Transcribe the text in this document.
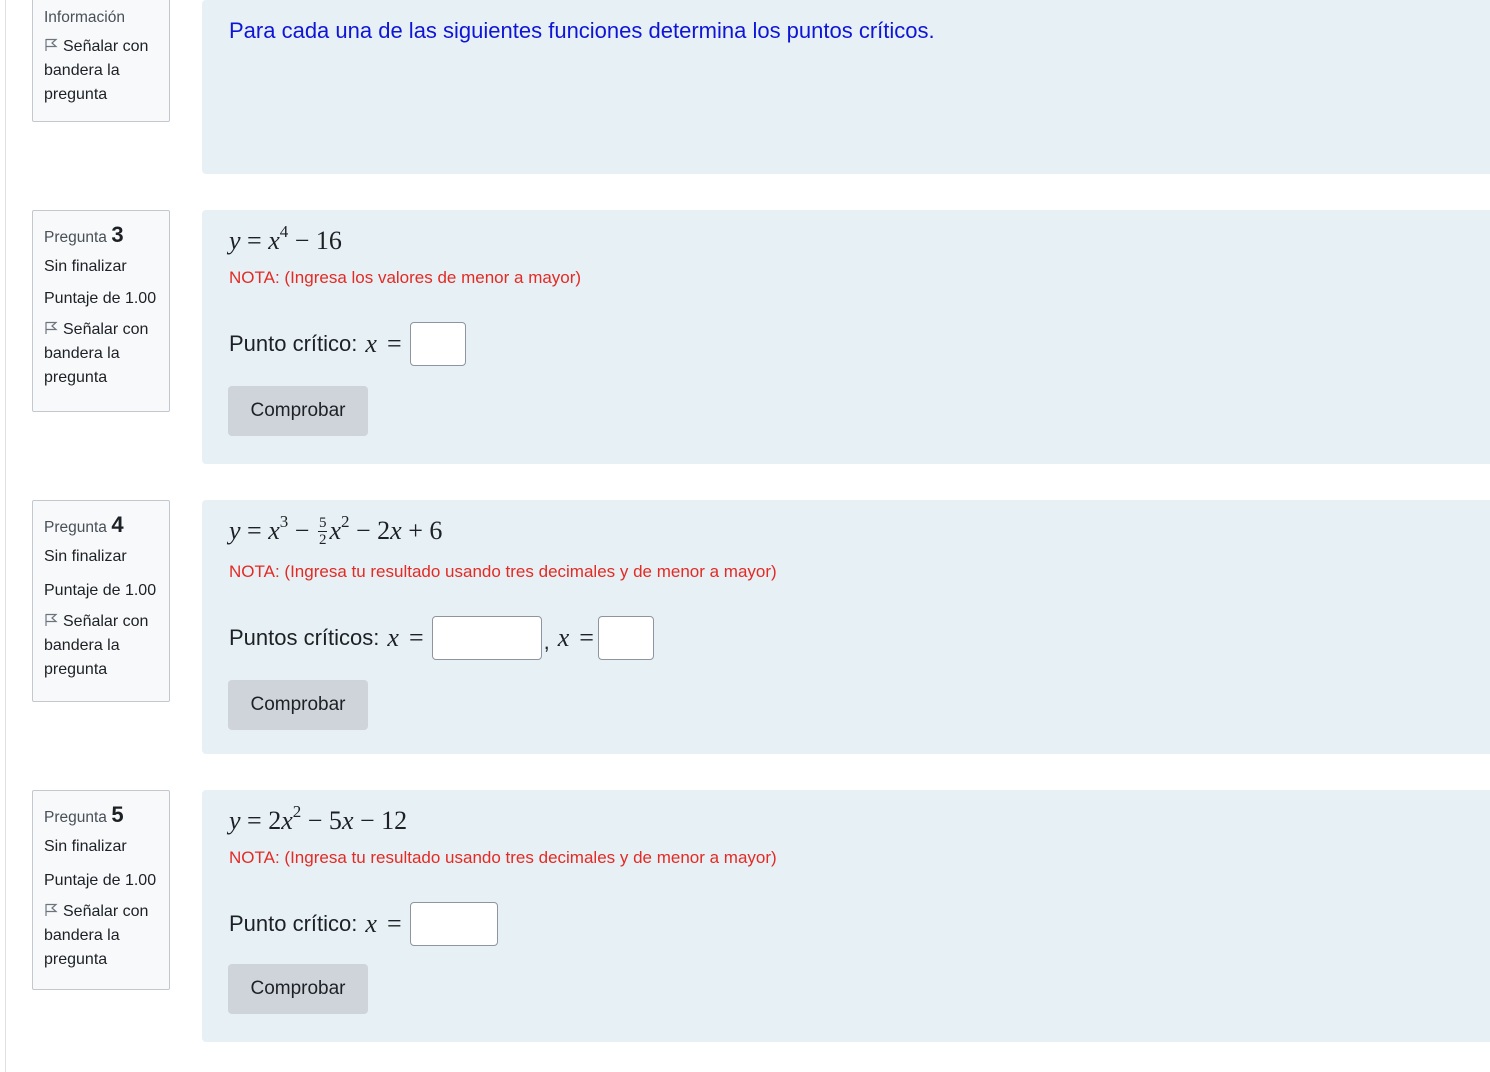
Información
Señalar con bandera la pregunta
Para cada una de las siguientes funciones determina los puntos críticos.
Pregunta 3
Sin finalizar
Puntaje de 1.00
Señalar con bandera la pregunta
$y = x^4 - 16$
NOTA: (Ingresa los valores de menor a mayor)
Punto crítico: x =
Comprobar
Pregunta 4
Sin finalizar
Puntaje de 1.00
Señalar con bandera la pregunta
$y = x^3 - \frac{5}{2} x^2 - 2x + 6$
NOTA: (Ingresa tu resultado usando tres decimales y de menor a mayor)
Puntos críticos: x =	, x =
Comprobar
Pregunta 5
Sin finalizar
Puntaje de 1.00
Señalar con bandera la pregunta
$y = 2x^2 - 5x - 12$
NOTA: (Ingresa tu resultado usando tres decimales y de menor a mayor)
Punto crítico: x =
Comprobar
